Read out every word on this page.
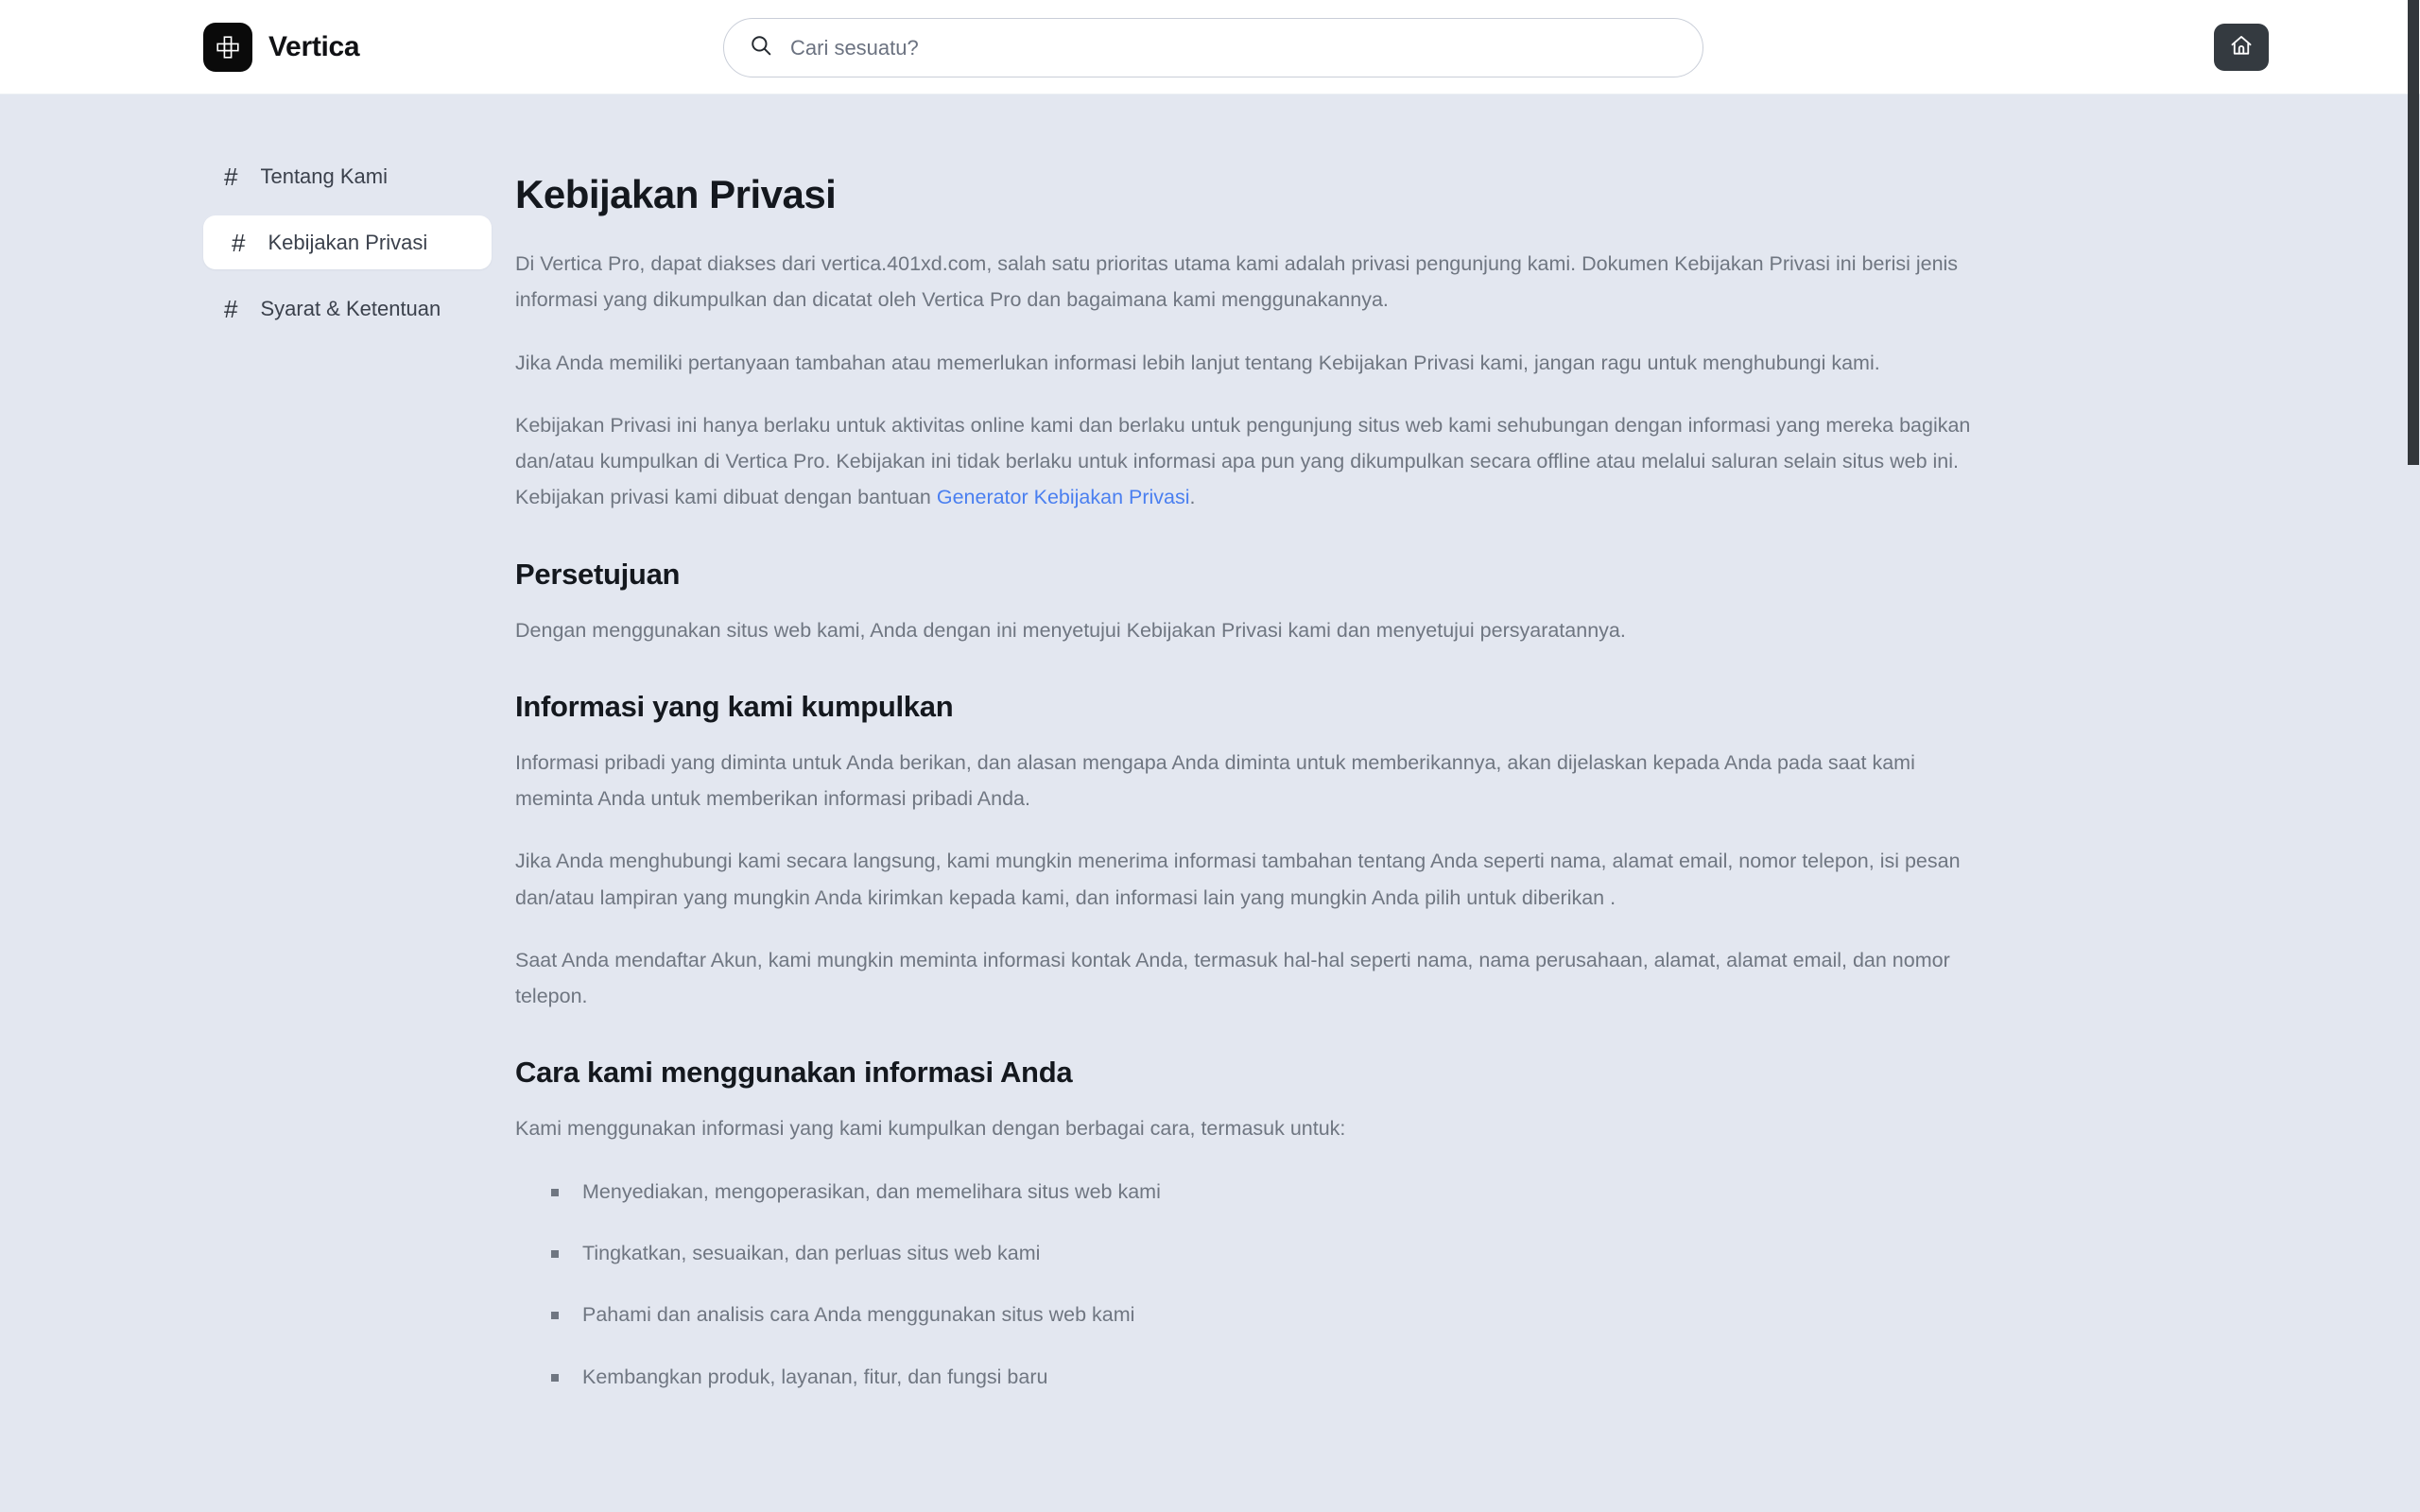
Vertica
Cari sesuatu?
# Tentang Kami
# Kebijakan Privasi
# Syarat & Ketentuan
Kebijakan Privasi

Di Vertica Pro, dapat diakses dari vertica.401xd.com, salah satu prioritas utama kami adalah privasi pengunjung kami. Dokumen Kebijakan Privasi ini berisi jenis informasi yang dikumpulkan dan dicatat oleh Vertica Pro dan bagaimana kami menggunakannya.

Jika Anda memiliki pertanyaan tambahan atau memerlukan informasi lebih lanjut tentang Kebijakan Privasi kami, jangan ragu untuk menghubungi kami.

Kebijakan Privasi ini hanya berlaku untuk aktivitas online kami dan berlaku untuk pengunjung situs web kami sehubungan dengan informasi yang mereka bagikan dan/atau kumpulkan di Vertica Pro. Kebijakan ini tidak berlaku untuk informasi apa pun yang dikumpulkan secara offline atau melalui saluran selain situs web ini. Kebijakan privasi kami dibuat dengan bantuan Generator Kebijakan Privasi.

Persetujuan

Dengan menggunakan situs web kami, Anda dengan ini menyetujui Kebijakan Privasi kami dan menyetujui persyaratannya.

Informasi yang kami kumpulkan

Informasi pribadi yang diminta untuk Anda berikan, dan alasan mengapa Anda diminta untuk memberikannya, akan dijelaskan kepada Anda pada saat kami meminta Anda untuk memberikan informasi pribadi Anda.

Jika Anda menghubungi kami secara langsung, kami mungkin menerima informasi tambahan tentang Anda seperti nama, alamat email, nomor telepon, isi pesan dan/atau lampiran yang mungkin Anda kirimkan kepada kami, dan informasi lain yang mungkin Anda pilih untuk diberikan .

Saat Anda mendaftar Akun, kami mungkin meminta informasi kontak Anda, termasuk hal-hal seperti nama, nama perusahaan, alamat, alamat email, dan nomor telepon.

Cara kami menggunakan informasi Anda

Kami menggunakan informasi yang kami kumpulkan dengan berbagai cara, termasuk untuk:

Menyediakan, mengoperasikan, dan memelihara situs web kami
Tingkatkan, sesuaikan, dan perluas situs web kami
Pahami dan analisis cara Anda menggunakan situs web kami
Kembangkan produk, layanan, fitur, dan fungsi baru
